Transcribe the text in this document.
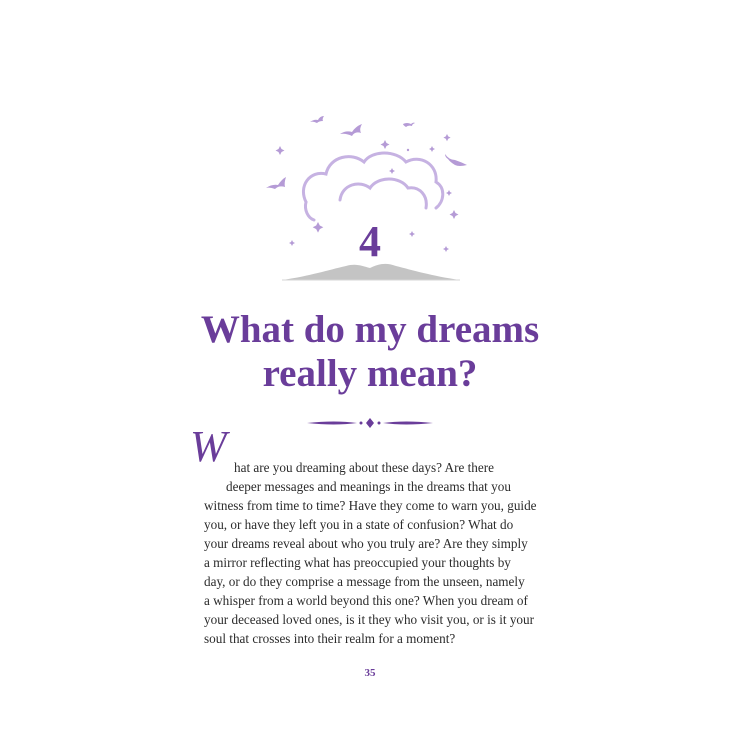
4
What do my dreams
really mean?
W hat are you dreaming about these days? Are there
deeper messages and meanings in the dreams that you
witness from time to time? Have they come to warn you, guide
you, or have they left you in a state of confusion? What do
your dreams reveal about who you truly are? Are they simply
a mirror reflecting what has preoccupied your thoughts by
day, or do they comprise a message from the unseen, namely
a whisper from a world beyond this one? When you dream of
your deceased loved ones, is it they who visit you, or is it your
soul that crosses into their realm for a moment?
35
